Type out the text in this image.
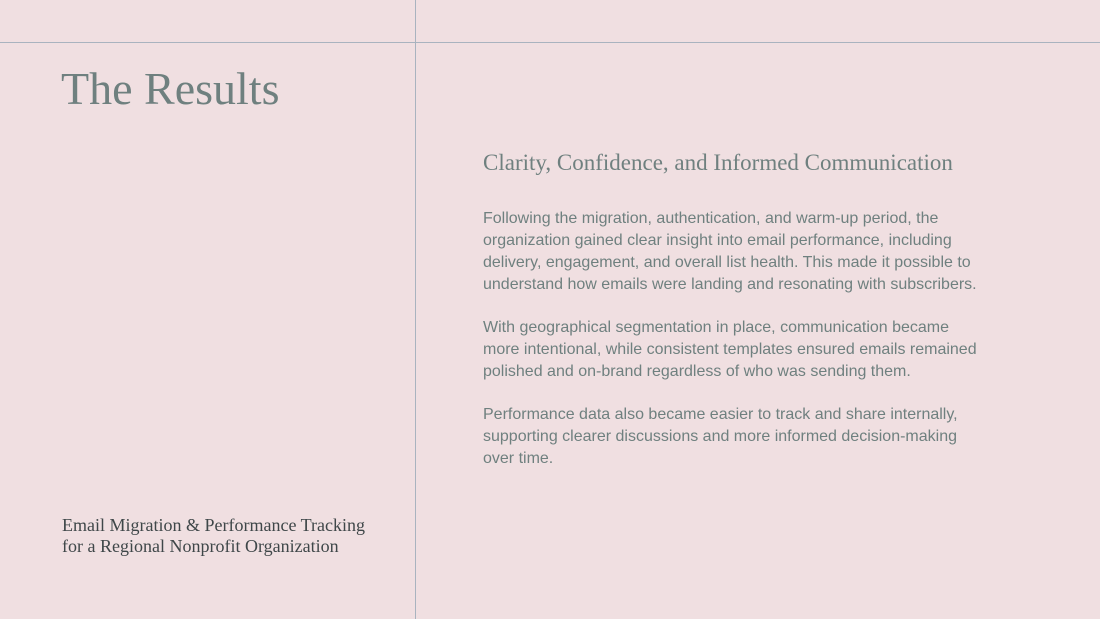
The Results
Email Migration & Performance Tracking
for a Regional Nonprofit Organization
Clarity, Confidence, and Informed Communication
Following the migration, authentication, and warm-up period, the
organization gained clear insight into email performance, including
delivery, engagement, and overall list health. This made it possible to
understand how emails were landing and resonating with subscribers.
With geographical segmentation in place, communication became
more intentional, while consistent templates ensured emails remained
polished and on-brand regardless of who was sending them.
Performance data also became easier to track and share internally,
supporting clearer discussions and more informed decision-making
over time.
